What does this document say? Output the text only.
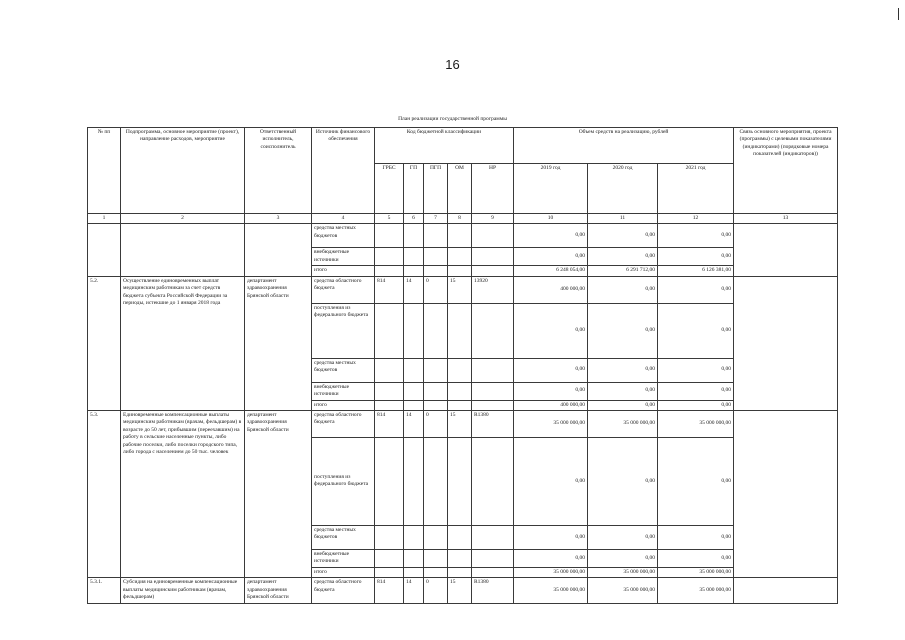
16
План реализации государственной программы
№ пп	Подпрограмма, основное мероприятие (проект), направление расходов, мероприятие	Ответственный исполнитель, соисполнитель	Источник финансового обеспечения	Код бюджетной классификации					Объем средств на реализацию, рублей			Связь основного мероприятия, проекта (программы) с целевыми показателями (индикаторами) (порядковые номера показателей (индикаторов))
				ГРБС	ГП	ПГП	ОМ	НР	2019 год	2020 год	2021 год	
1	2	3	4	5	6	7	8	9	10	11	12	13
			средства местных бюджетов						0,00	0,00	0,00	
			внебюджетные источники						0,00	0,00	0,00	
			итого						6 248 054,00	6 291 712,00	6 126 381,00	
5.2.	Осуществление единовременных выплат медицинским работникам за счет средств бюджета субъекта Российской Федерации за периоды, истекшие до 1 января 2018 года	департамент здравоохранения Брянской области	средства областного бюджета	814	14	0	15	13920	400 000,00	0,00	0,00	
			поступления из федерального бюджета						0,00	0,00	0,00	
			средства местных бюджетов						0,00	0,00	0,00	
			внебюджетные источники						0,00	0,00	0,00	
			итого						400 000,00	0,00	0,00	
5.3.	Единовременные компенсационные выплаты медицинским работникам (врачам, фельдшерам) в возрасте до 50 лет, прибывшим (переехавшим) на работу в сельские населенные пункты, либо рабочие поселки, либо поселки городского типа, либо города с населением до 50 тыс. человек	департамент здравоохранения Брянской области	средства областного бюджета	814	14	0	15	R1380	35 000 000,00	35 000 000,00	35 000 000,00	
			поступления из федерального бюджета						0,00	0,00	0,00	
			средства местных бюджетов						0,00	0,00	0,00	
			внебюджетные источники						0,00	0,00	0,00	
			итого						35 000 000,00	35 000 000,00	35 000 000,00	
5.3.1.	Субсидия на единовременные компенсационные выплаты медицинским работникам (врачам, фельдшерам)	департамент здравоохранения Брянской области	средства областного бюджета	814	14	0	15	R1380	35 000 000,00	35 000 000,00	35 000 000,00	
